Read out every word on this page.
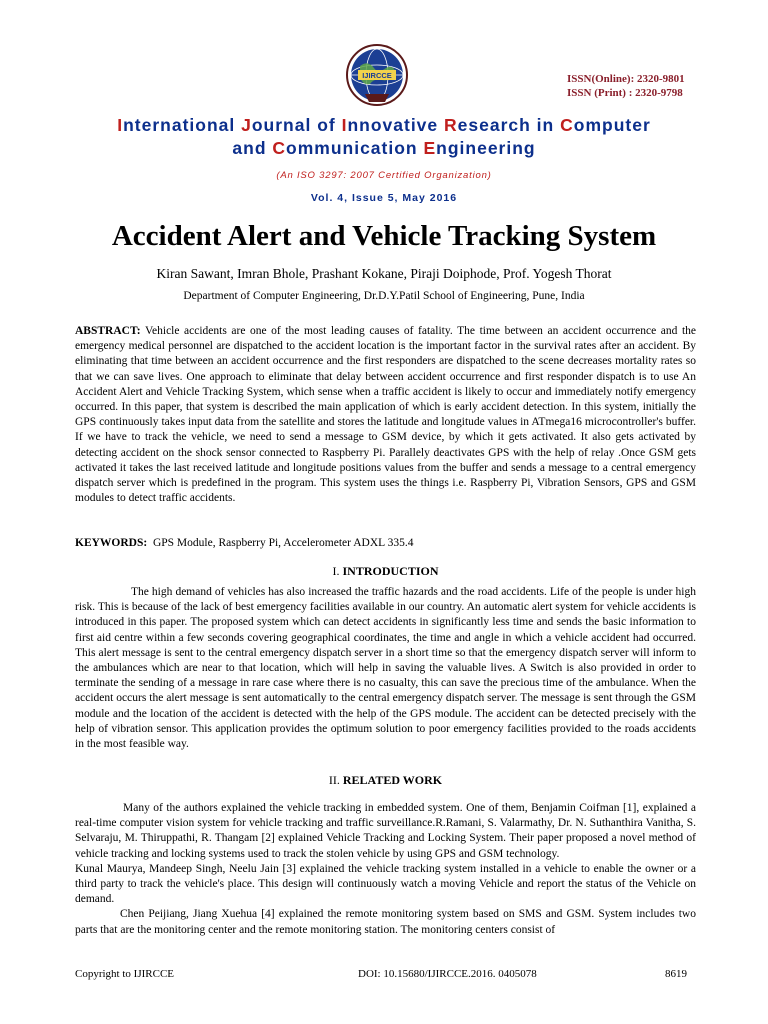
IJIRCCE	ISSN(Online): 2320-9801
ISSN (Print) : 2320-9798
International Journal of Innovative Research in Computer
and Communication Engineering
(An ISO 3297: 2007 Certified Organization)
Vol. 4, Issue 5, May 2016
Accident Alert and Vehicle Tracking System
Kiran Sawant, Imran Bhole, Prashant Kokane, Piraji Doiphode, Prof. Yogesh Thorat
Department of Computer Engineering, Dr.D.Y.Patil School of Engineering, Pune, India

ABSTRACT: Vehicle accidents are one of the most leading causes of fatality. The time between an accident occurrence and the emergency medical personnel are dispatched to the accident location is the important factor in the survival rates after an accident. By eliminating that time between an accident occurrence and the first responders are dispatched to the scene decreases mortality rates so that we can save lives. One approach to eliminate that delay between accident occurrence and first responder dispatch is to use An Accident Alert and Vehicle Tracking System, which sense when a traffic accident is likely to occur and immediately notify emergency occurred. In this paper, that system is described the main application of which is early accident detection. In this system, initially the GPS continuously takes input data from the satellite and stores the latitude and longitude values in ATmega16 microcontroller's buffer. If we have to track the vehicle, we need to send a message to GSM device, by which it gets activated. It also gets activated by detecting accident on the shock sensor connected to Raspberry Pi. Parallely deactivates GPS with the help of relay .Once GSM gets activated it takes the last received latitude and longitude positions values from the buffer and sends a message to a central emergency dispatch server which is predefined in the program. This system uses the things i.e. Raspberry Pi, Vibration Sensors, GPS and GSM modules to detect traffic accidents.

KEYWORDS: GPS Module, Raspberry Pi, Accelerometer ADXL 335.4

I. INTRODUCTION

The high demand of vehicles has also increased the traffic hazards and the road accidents. Life of the people is under high risk. This is because of the lack of best emergency facilities available in our country. An automatic alert system for vehicle accidents is introduced in this paper. The proposed system which can detect accidents in significantly less time and sends the basic information to first aid centre within a few seconds covering geographical coordinates, the time and angle in which a vehicle accident had occurred. This alert message is sent to the central emergency dispatch server in a short time so that the emergency dispatch server will inform to the ambulances which are near to that location, which will help in saving the valuable lives. A Switch is also provided in order to terminate the sending of a message in rare case where there is no casualty, this can save the precious time of the ambulance. When the accident occurs the alert message is sent automatically to the central emergency dispatch server. The message is sent through the GSM module and the location of the accident is detected with the help of the GPS module. The accident can be detected precisely with the help of vibration sensor. This application provides the optimum solution to poor emergency facilities provided to the roads accidents in the most feasible way.

II. RELATED WORK

Many of the authors explained the vehicle tracking in embedded system. One of them, Benjamin Coifman [1], explained a real-time computer vision system for vehicle tracking and traffic surveillance.R.Ramani, S. Valarmathy, Dr. N. Suthanthira Vanitha, S. Selvaraju, M. Thiruppathi, R. Thangam [2] explained Vehicle Tracking and Locking System. Their paper proposed a novel method of vehicle tracking and locking systems used to track the stolen vehicle by using GPS and GSM technology.

Kunal Maurya, Mandeep Singh, Neelu Jain [3] explained the vehicle tracking system installed in a vehicle to enable the owner or a third party to track the vehicle's place. This design will continuously watch a moving Vehicle and report the status of the Vehicle on demand.

Chen Peijiang, Jiang Xuehua [4] explained the remote monitoring system based on SMS and GSM. System includes two parts that are the monitoring center and the remote monitoring station. The monitoring centers consist of

Copyright to IJIRCCE	DOI: 10.15680/IJIRCCE.2016. 0405078	8619
